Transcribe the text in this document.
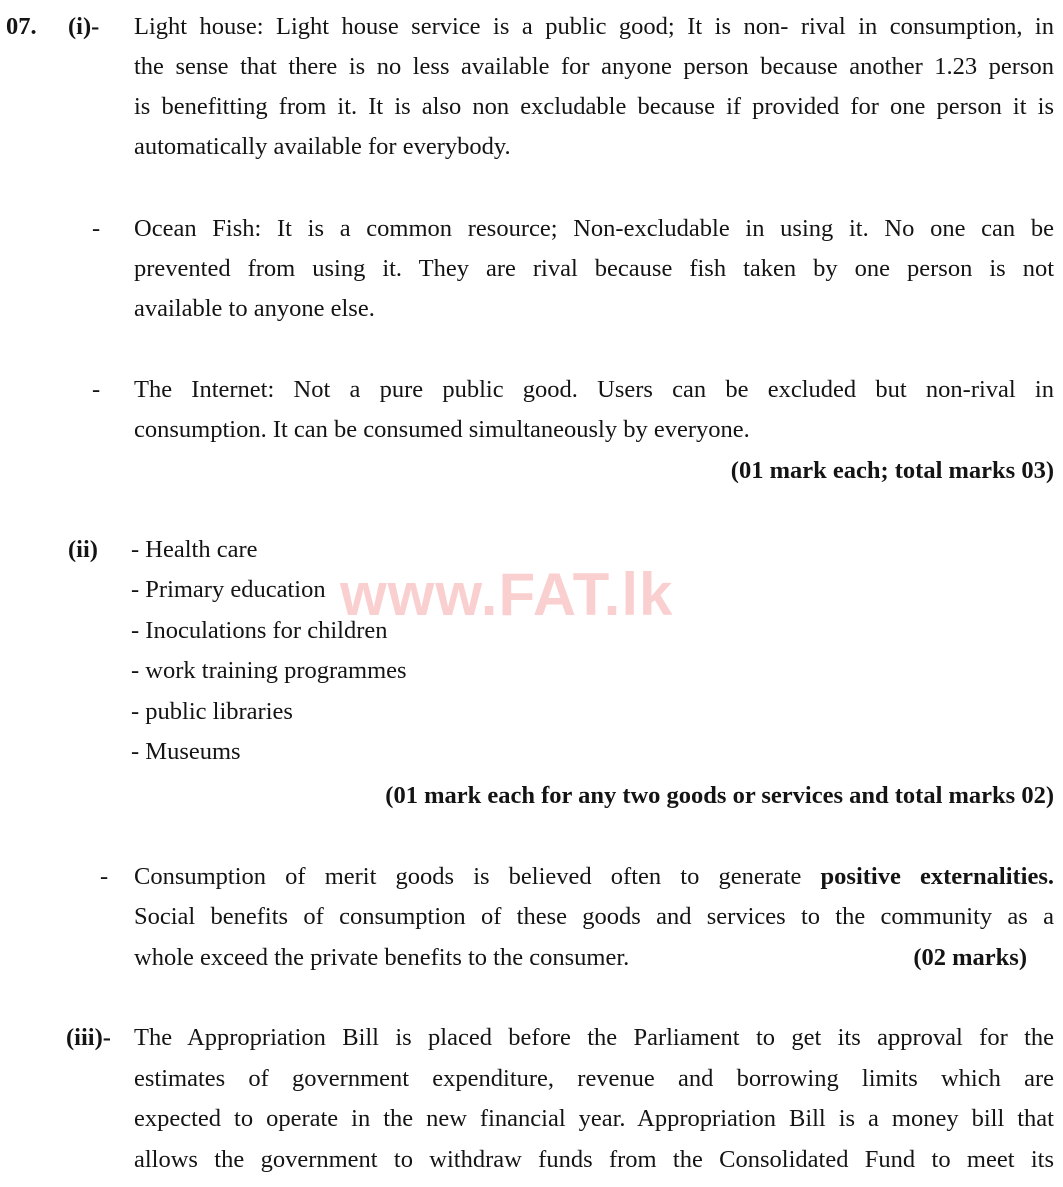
www.FAT.lk
07. (i)- Light house: Light house service is a public good; It is non- rival in consumption, in
the sense that there is no less available for anyone person because another 1.23 person
is benefitting from it. It is also non excludable because if provided for one person it is
automatically available for everybody.
- Ocean Fish: It is a common resource; Non-excludable in using it. No one can be
prevented from using it. They are rival because fish taken by one person is not
available to anyone else.
- The Internet: Not a pure public good. Users can be excluded but non-rival in
consumption. It can be consumed simultaneously by everyone.
(01 mark each; total marks 03)
(ii) - Health care
- Primary education
- Inoculations for children
- work training programmes
- public libraries
- Museums
(01 mark each for any two goods or services and total marks 02)
- Consumption of merit goods is believed often to generate positive externalities.
Social benefits of consumption of these goods and services to the community as a
whole exceed the private benefits to the consumer.	(02 marks)
(iii)- The Appropriation Bill is placed before the Parliament to get its approval for the
estimates of government expenditure, revenue and borrowing limits which are
expected to operate in the new financial year. Appropriation Bill is a money bill that
allows the government to withdraw funds from the Consolidated Fund to meet its
